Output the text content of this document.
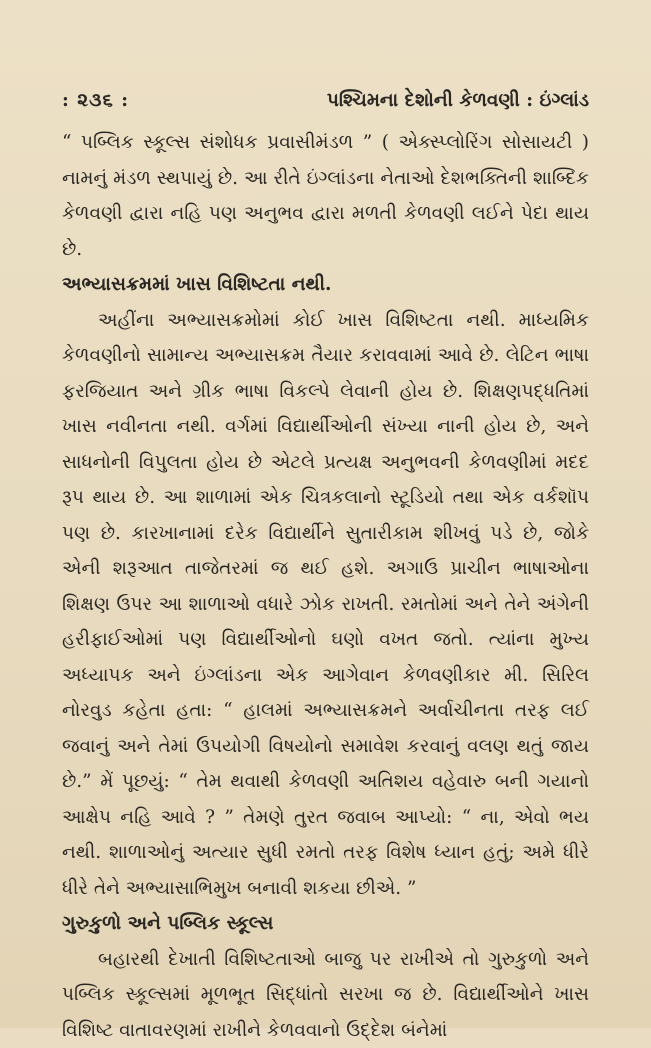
: ૨૩૬ :	પશ્ચિમના દેશોની કેળવણી : ઇંગ્લાંડ

“ પબ્લિક સ્કૂલ્સ સંશોધક પ્રવાસીમંડળ ” ( એક્સ્પ્લોરિંગ સોસાયટી ) નામનું મંડળ સ્થપાયું છે. આ રીતે ઇંગ્લાંડના નેતાઓ દેશભક્તિની શાબ્દિક કેળવણી દ્વારા નહિ પણ અનુભવ દ્વારા મળતી કેળવણી લઈને પેદા થાય છે.

અભ્યાસક્રમમાં ખાસ વિશિષ્ટતા નથી.

અહીંના અભ્યાસક્રમોમાં કોઈ ખાસ વિશિષ્ટતા નથી. માધ્યમિક કેળવણીનો સામાન્ય અભ્યાસક્રમ તૈયાર કરાવવામાં આવે છે. લેટિન ભાષા ફરજિયાત અને ગ્રીક ભાષા વિકલ્પે લેવાની હોય છે. શિક્ષણપદ્ધતિમાં ખાસ નવીનતા નથી. વર્ગમાં વિદ્યાર્થીઓની સંખ્યા નાની હોય છે, અને સાધનોની વિપુલતા હોય છે એટલે પ્રત્યક્ષ અનુભવની કેળવણીમાં મદદ રૂપ થાય છે. આ શાળામાં એક ચિત્રકલાનો સ્ટૂડિયો તથા એક વર્કશૉપ પણ છે. કારખાનામાં દરેક વિદ્યાર્થીને સુતારીકામ શીખવું પડે છે, જોકે એની શરૂઆત તાજેતરમાં જ થઈ હશે. અગાઉ પ્રાચીન ભાષાઓના શિક્ષણ ઉપર આ શાળાઓ વધારે ઝોક રાખતી. રમતોમાં અને તેને અંગેની હરીફાઈઓમાં પણ વિદ્યાર્થીઓનો ઘણો વખત જતો. ત્યાંના મુખ્ય અધ્યાપક અને ઇંગ્લાંડના એક આગેવાન કેળવણીકાર મી. સિરિલ નોરવુડ કહેતા હતા: “ હાલમાં અભ્યાસક્રમને અર્વાચીનતા તરફ લઈ જવાનું અને તેમાં ઉપયોગી વિષયોનો સમાવેશ કરવાનું વલણ થતું જાય છે.” મેં પૂછયું: “ તેમ થવાથી કેળવણી અતિશય વહેવારુ બની ગયાનો આક્ષેપ નહિ આવે ? ” તેમણે તુરત જવાબ આપ્યો: “ ના, એવો ભય નથી. શાળાઓનું અત્યાર સુધી રમતો તરફ વિશેષ ધ્યાન હતું; અમે ધીરે ધીરે તેને અભ્યાસાભિમુખ બનાવી શકયા છીએ. ”

ગુરુકુળો અને પબ્લિક સ્કૂલ્સ

બહારથી દેખાતી વિશિષ્ટતાઓ બાજુ પર રાખીએ તો ગુરુકુળો અને પબ્લિક સ્કૂલ્સમાં મૂળભૂત સિદ્ધાંતો સરખા જ છે. વિદ્યાર્થીઓને ખાસ વિશિષ્ટ વાતાવરણમાં રાખીને કેળવવાનો ઉદ્દેશ બંનેમાં
